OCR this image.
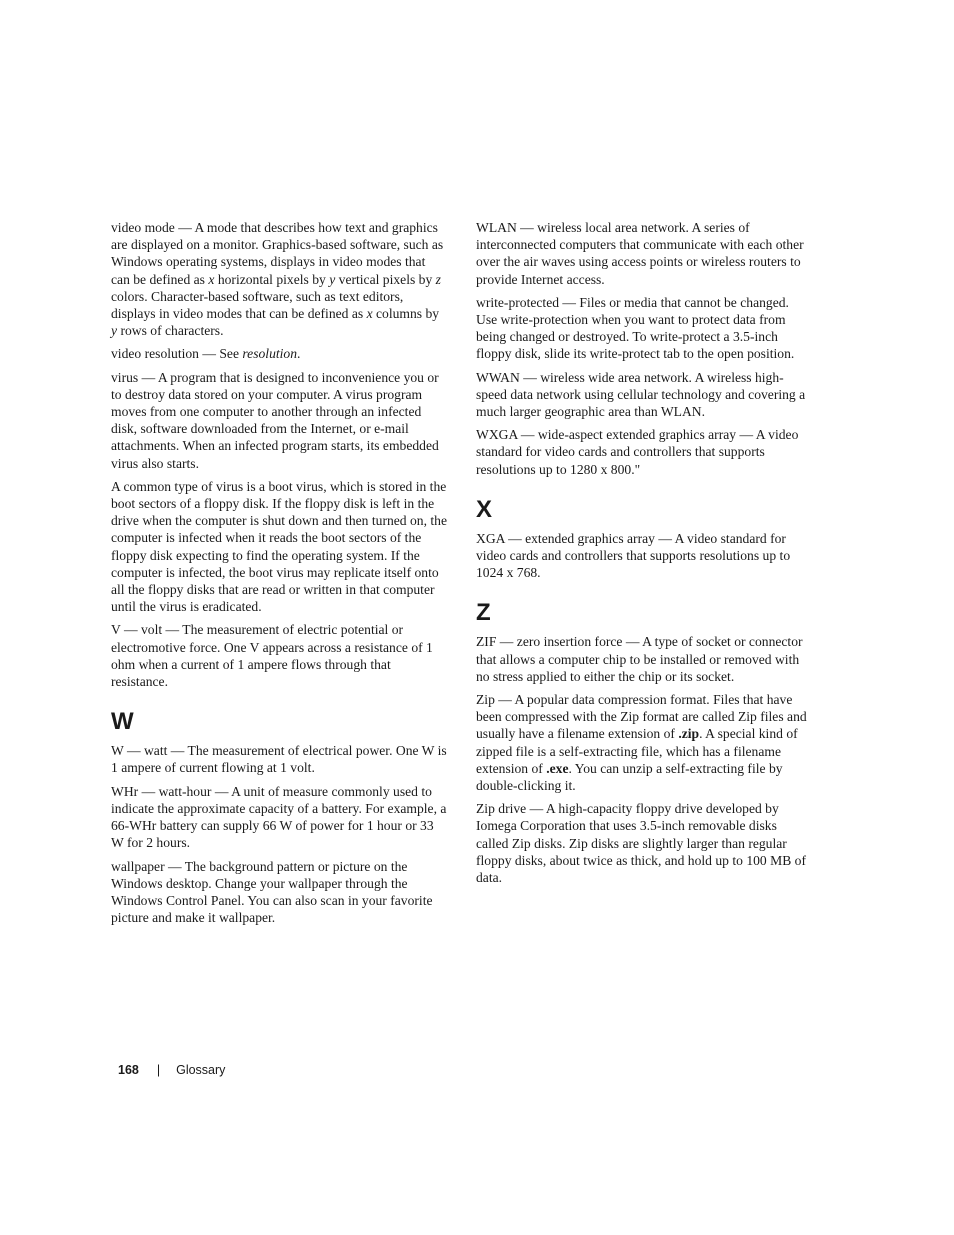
video mode — A mode that describes how text and graphics are displayed on a monitor. Graphics-based software, such as Windows operating systems, displays in video modes that can be defined as x horizontal pixels by y vertical pixels by z colors. Character-based software, such as text editors, displays in video modes that can be defined as x columns by y rows of characters.

video resolution — See resolution.

virus — A program that is designed to inconvenience you or to destroy data stored on your computer. A virus program moves from one computer to another through an infected disk, software downloaded from the Internet, or e-mail attachments. When an infected program starts, its embedded virus also starts.

A common type of virus is a boot virus, which is stored in the boot sectors of a floppy disk. If the floppy disk is left in the drive when the computer is shut down and then turned on, the computer is infected when it reads the boot sectors of the floppy disk expecting to find the operating system. If the computer is infected, the boot virus may replicate itself onto all the floppy disks that are read or written in that computer until the virus is eradicated.

V — volt — The measurement of electric potential or electromotive force. One V appears across a resistance of 1 ohm when a current of 1 ampere flows through that resistance.

W

W — watt — The measurement of electrical power. One W is 1 ampere of current flowing at 1 volt.

WHr — watt-hour — A unit of measure commonly used to indicate the approximate capacity of a battery. For example, a 66-WHr battery can supply 66 W of power for 1 hour or 33 W for 2 hours.

wallpaper — The background pattern or picture on the Windows desktop. Change your wallpaper through the Windows Control Panel. You can also scan in your favorite picture and make it wallpaper.

WLAN — wireless local area network. A series of interconnected computers that communicate with each other over the air waves using access points or wireless routers to provide Internet access.

write-protected — Files or media that cannot be changed. Use write-protection when you want to protect data from being changed or destroyed. To write-protect a 3.5-inch floppy disk, slide its write-protect tab to the open position.

WWAN — wireless wide area network. A wireless high-speed data network using cellular technology and covering a much larger geographic area than WLAN.

WXGA — wide-aspect extended graphics array — A video standard for video cards and controllers that supports resolutions up to 1280 x 800."

X

XGA — extended graphics array — A video standard for video cards and controllers that supports resolutions up to 1024 x 768.

Z

ZIF — zero insertion force — A type of socket or connector that allows a computer chip to be installed or removed with no stress applied to either the chip or its socket.

Zip — A popular data compression format. Files that have been compressed with the Zip format are called Zip files and usually have a filename extension of .zip. A special kind of zipped file is a self-extracting file, which has a filename extension of .exe. You can unzip a self-extracting file by double-clicking it.

Zip drive — A high-capacity floppy drive developed by Iomega Corporation that uses 3.5-inch removable disks called Zip disks. Zip disks are slightly larger than regular floppy disks, about twice as thick, and hold up to 100 MB of data.

168 | Glossary
